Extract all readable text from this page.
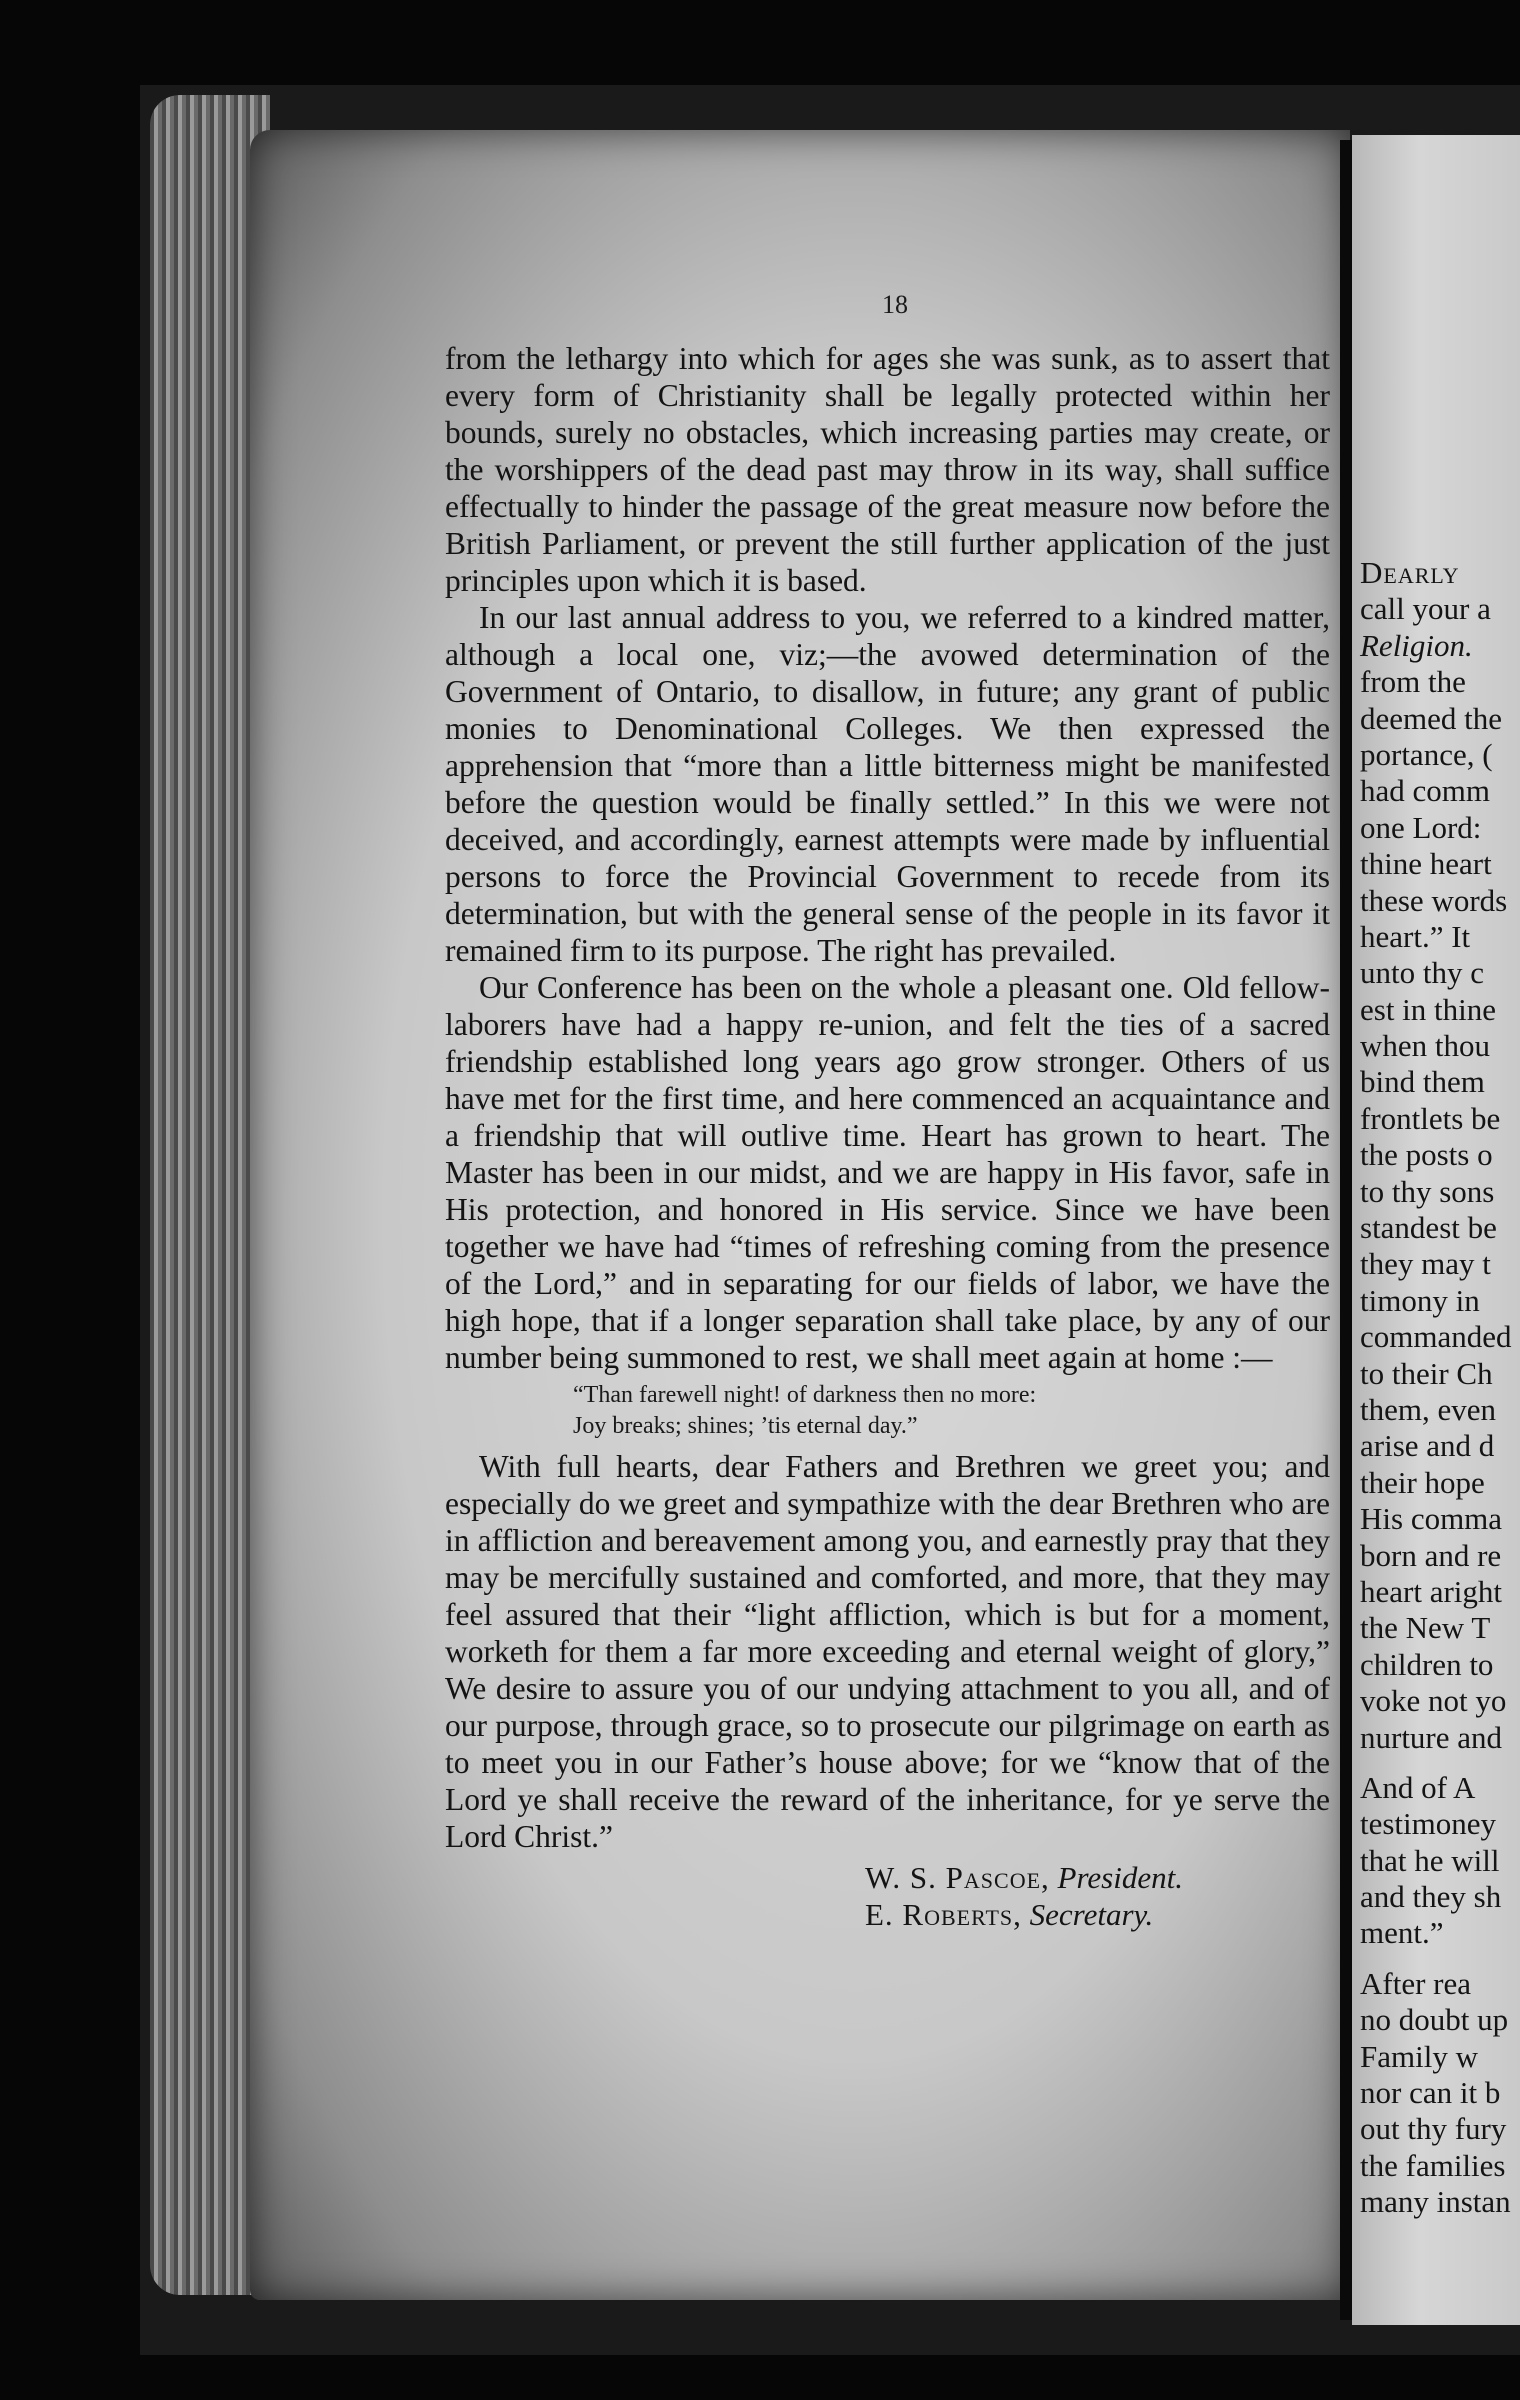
Dearly
call your a
Religion.
from the
deemed the
portance, (
had comm
one Lord:
thine heart
these words
heart.” It
unto thy c
est in thine
when thou
bind them
frontlets be
the posts o
to thy sons
standest be
they may t
timony in
commanded
to their Ch
them, even
arise and d
their hope
His comma
born and re
heart aright
the New T
children to
voke not yo
nurture and
And of A
testimoney
that he will
and they sh
ment.”
After rea
no doubt up
Family w
nor can it b
out thy fury
the families
many instan
18

from the lethargy into which for ages she was sunk, as to assert that every form of Christianity shall be legally protected within her bounds, surely no obstacles, which increasing parties may create, or the worshippers of the dead past may throw in its way, shall suffice effectually to hinder the passage of the great measure now before the British Parliament, or prevent the still further application of the just principles upon which it is based.

In our last annual address to you, we referred to a kindred matter, although a local one, viz;—the avowed determination of the Government of Ontario, to disallow, in future; any grant of public monies to Denominational Colleges. We then expressed the apprehension that “more than a little bitterness might be manifested before the question would be finally settled.” In this we were not deceived, and accordingly, earnest attempts were made by influential persons to force the Provincial Government to recede from its determination, but with the general sense of the people in its favor it remained firm to its purpose. The right has prevailed.

Our Conference has been on the whole a pleasant one. Old fellow-laborers have had a happy re-union, and felt the ties of a sacred friendship established long years ago grow stronger. Others of us have met for the first time, and here commenced an acquaintance and a friendship that will outlive time. Heart has grown to heart. The Master has been in our midst, and we are happy in His favor, safe in His protection, and honored in His service. Since we have been together we have had “times of refreshing coming from the presence of the Lord,” and in separating for our fields of labor, we have the high hope, that if a longer separation shall take place, by any of our number being summoned to rest, we shall meet again at home :—

“Than farewell night! of darkness then no more:
Joy breaks; shines; ’tis eternal day.”

With full hearts, dear Fathers and Brethren we greet you; and especially do we greet and sympathize with the dear Brethren who are in affliction and bereavement among you, and earnestly pray that they may be mercifully sustained and comforted, and more, that they may feel assured that their “light affliction, which is but for a moment, worketh for them a far more exceeding and eternal weight of glory,” We desire to assure you of our undying attachment to you all, and of our purpose, through grace, so to prosecute our pilgrimage on earth as to meet you in our Father’s house above; for we “know that of the Lord ye shall receive the reward of the inheritance, for ye serve the Lord Christ.”

W. S. Pascoe, President.
E. Roberts, Secretary.
